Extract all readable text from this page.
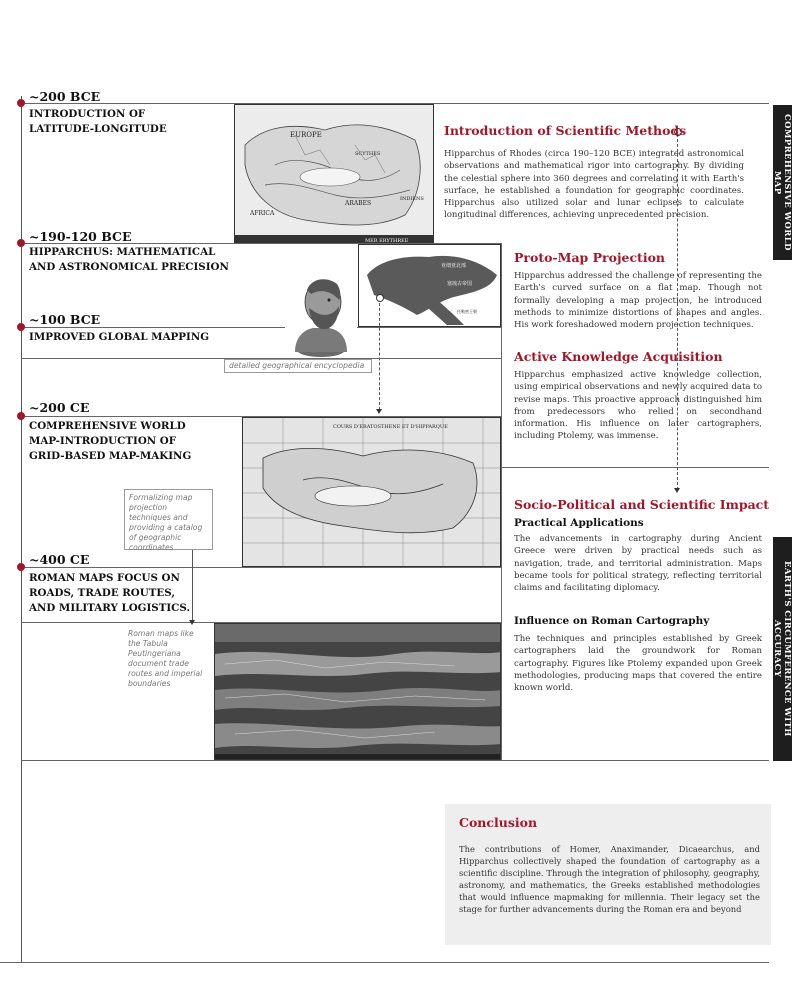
~200 BCE
INTRODUCTION OF
LATITUDE-LONGITUDE
~190-120 BCE
HIPPARCHUS: MATHEMATICAL
AND ASTRONOMICAL PRECISION
~100 BCE
IMPROVED GLOBAL MAPPING
~200 CE
COMPREHENSIVE WORLD
MAP-INTRODUCTION OF
GRID-BASED MAP-MAKING
~400 CE
ROMAN MAPS FOCUS ON
ROADS, TRADE ROUTES,
AND MILITARY LOGISTICS.
EUROPE
AFRICA
ARABES
INDIENS
MER ERYTHREE
SCYTHES
亚细亚北部
塞琉古帝国
托勒密王朝
detailed geographical encyclopedia
COURS D'ERATOSTHENE ET D'HIPPARQUE
Formalizing map projection techniques and providing a catalog of geographic coordinates
Roman maps like the Tabula Peutingeriana document trade routes and imperial boundaries
Introduction of Scientific Methods
Hipparchus of Rhodes (circa 190–120 BCE) integrated astronomical observations and mathematical rigor into cartography. By dividing the celestial sphere into 360 degrees and correlating it with Earth's surface, he established a foundation for geographic coordinates. Hipparchus also utilized solar and lunar eclipses to calculate longitudinal differences, achieving unprecedented precision.
Proto-Map Projection
Hipparchus addressed the challenge of representing the Earth's curved surface on a flat map. Though not formally developing a map projection, he introduced methods to minimize distortions of shapes and angles. His work foreshadowed modern projection techniques.
Active Knowledge Acquisition
Hipparchus emphasized active knowledge collection, using empirical observations and newly acquired data to revise maps. This proactive approach distinguished him from predecessors who relied on secondhand information. His influence on later cartographers, including Ptolemy, was immense.
Socio-Political and Scientific Impact
Practical Applications
The advancements in cartography during Ancient Greece were driven by practical needs such as navigation, trade, and territorial administration. Maps became tools for political strategy, reflecting territorial claims and facilitating diplomacy.
Influence on Roman Cartography
The techniques and principles established by Greek cartographers laid the groundwork for Roman cartography. Figures like Ptolemy expanded upon Greek methodologies, producing maps that covered the entire known world.
COMPREHENSIVE WORLD MAP
EARTH'S CIRCUMFERENCE WITH ACCURACY
Conclusion
The contributions of Homer, Anaximander, Dicaearchus, and Hipparchus collectively shaped the foundation of cartography as a scientific discipline. Through the integration of philosophy, geography, astronomy, and mathematics, the Greeks established methodologies that would influence mapmaking for millennia. Their legacy set the stage for further advancements during the Roman era and beyond
